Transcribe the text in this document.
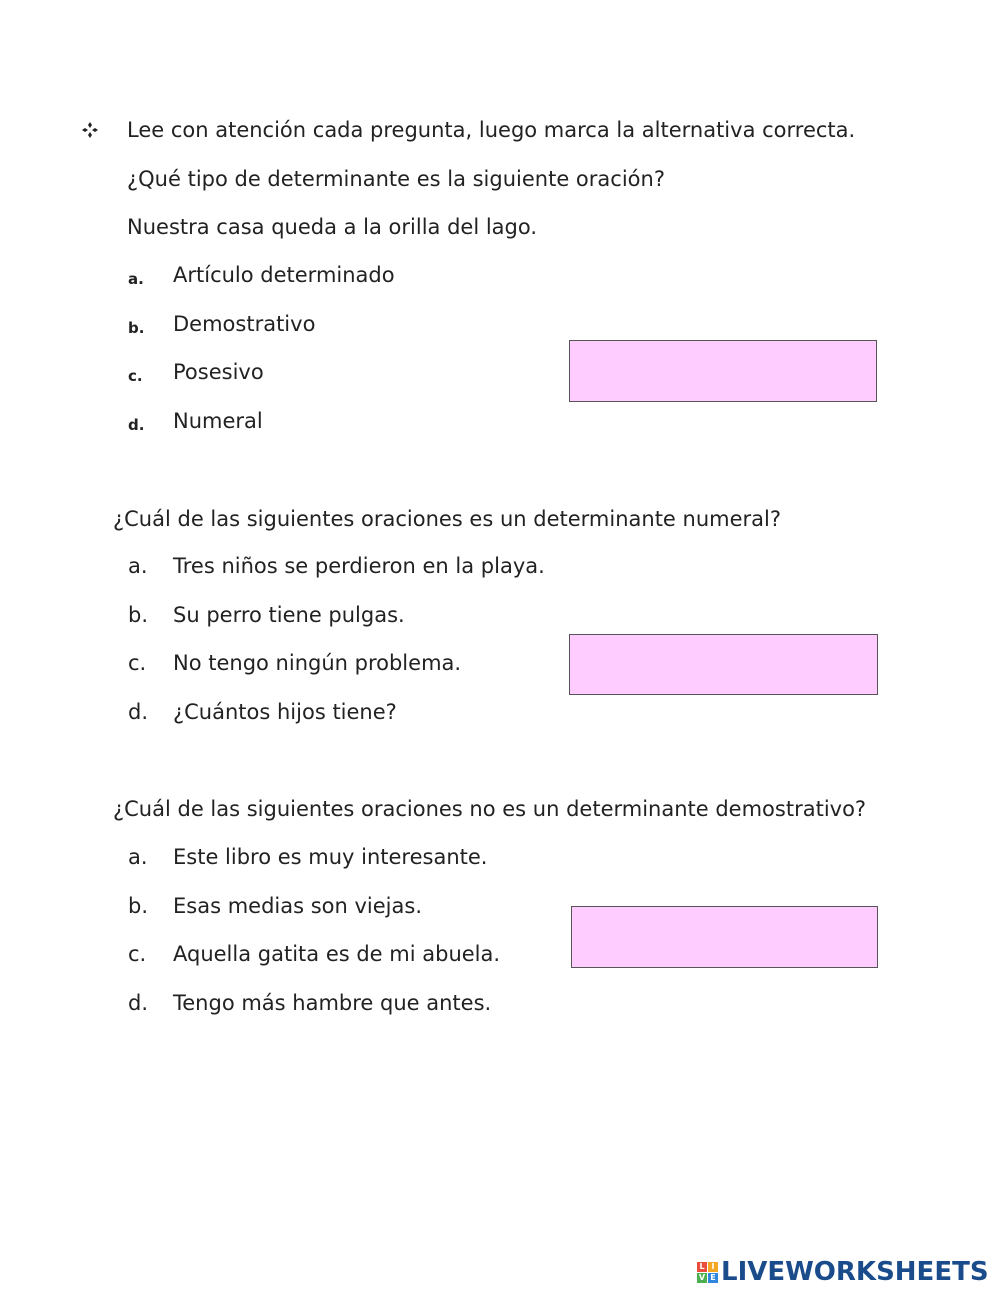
Lee con atención cada pregunta, luego marca la alternativa correcta.
¿Qué tipo de determinante es la siguiente oración?
Nuestra casa queda a la orilla del lago.
a. Artículo determinado
b. Demostrativo
c. Posesivo
d. Numeral
¿Cuál de las siguientes oraciones es un determinante numeral?
a. Tres niños se perdieron en la playa.
b. Su perro tiene pulgas.
c. No tengo ningún problema.
d. ¿Cuántos hijos tiene?
¿Cuál de las siguientes oraciones no es un determinante demostrativo?
a. Este libro es muy interesante.
b. Esas medias son viejas.
c. Aquella gatita es de mi abuela.
d. Tengo más hambre que antes.
L I
V E LIVEWORKSHEETS
